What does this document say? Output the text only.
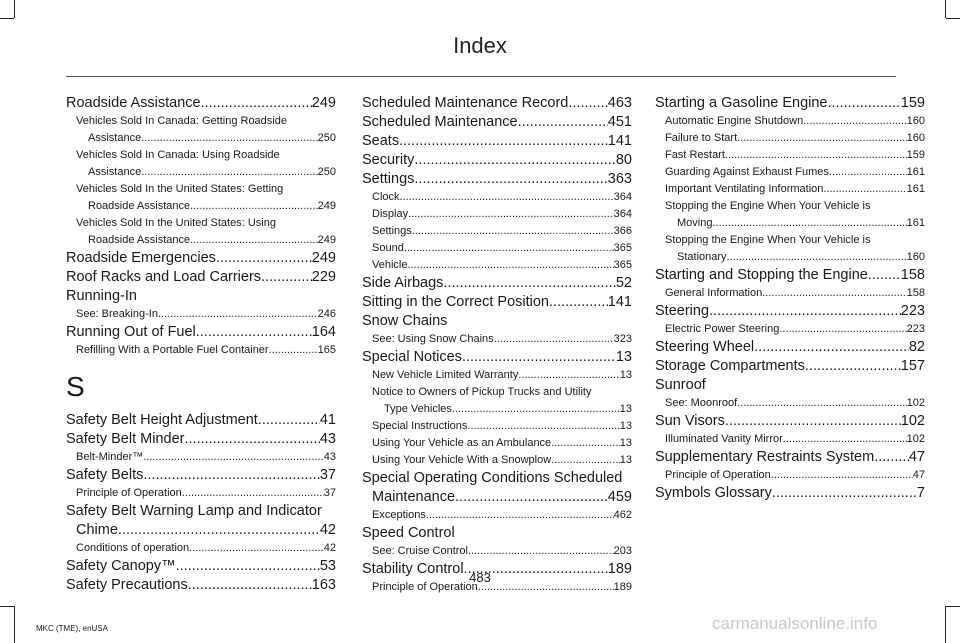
Index
Roadside Assistance .....	249
Vehicles Sold In Canada: Getting Roadside
Assistance .....	250
Vehicles Sold In Canada: Using Roadside
Assistance .....	250
Vehicles Sold In the United States: Getting
Roadside Assistance .....	249
Vehicles Sold In the United States: Using
Roadside Assistance .....	249
Roadside Emergencies .....	249
Roof Racks and Load Carriers .....	229
Running-In
See: Breaking-In .....	246
Running Out of Fuel .....	164
Refilling With a Portable Fuel Container .....	165
S
Safety Belt Height Adjustment .....	41
Safety Belt Minder .....	43
Belt-Minder™ .....	43
Safety Belts .....	37
Principle of Operation .....	37
Safety Belt Warning Lamp and Indicator
Chime .....	42
Conditions of operation .....	42
Safety Canopy™ .....	53
Safety Precautions .....	163
Scheduled Maintenance Record .....	463
Scheduled Maintenance .....	451
Seats .....	141
Security .....	80
Settings .....	363
Clock .....	364
Display .....	364
Settings .....	366
Sound .....	365
Vehicle .....	365
Side Airbags .....	52
Sitting in the Correct Position .....	141
Snow Chains
See: Using Snow Chains .....	323
Special Notices .....	13
New Vehicle Limited Warranty .....	13
Notice to Owners of Pickup Trucks and Utility
Type Vehicles .....	13
Special Instructions .....	13
Using Your Vehicle as an Ambulance .....	13
Using Your Vehicle With a Snowplow .....	13
Special Operating Conditions Scheduled
Maintenance .....	459
Exceptions .....	462
Speed Control
See: Cruise Control .....	203
Stability Control .....	189
Principle of Operation .....	189
Starting a Gasoline Engine .....	159
Automatic Engine Shutdown .....	160
Failure to Start .....	160
Fast Restart .....	159
Guarding Against Exhaust Fumes .....	161
Important Ventilating Information .....	161
Stopping the Engine When Your Vehicle is
Moving .....	161
Stopping the Engine When Your Vehicle is
Stationary .....	160
Starting and Stopping the Engine ..... 158
General Information .....	158
Steering .....	223
Electric Power Steering .....	223
Steering Wheel .....	82
Storage Compartments .....	157
Sunroof
See: Moonroof .....	102
Sun Visors .....	102
Illuminated Vanity Mirror .....	102
Supplementary Restraints System ..... 47
Principle of Operation .....	47
Symbols Glossary .....	7
483
MKC (TME), enUSA	carmanualsonline.info
